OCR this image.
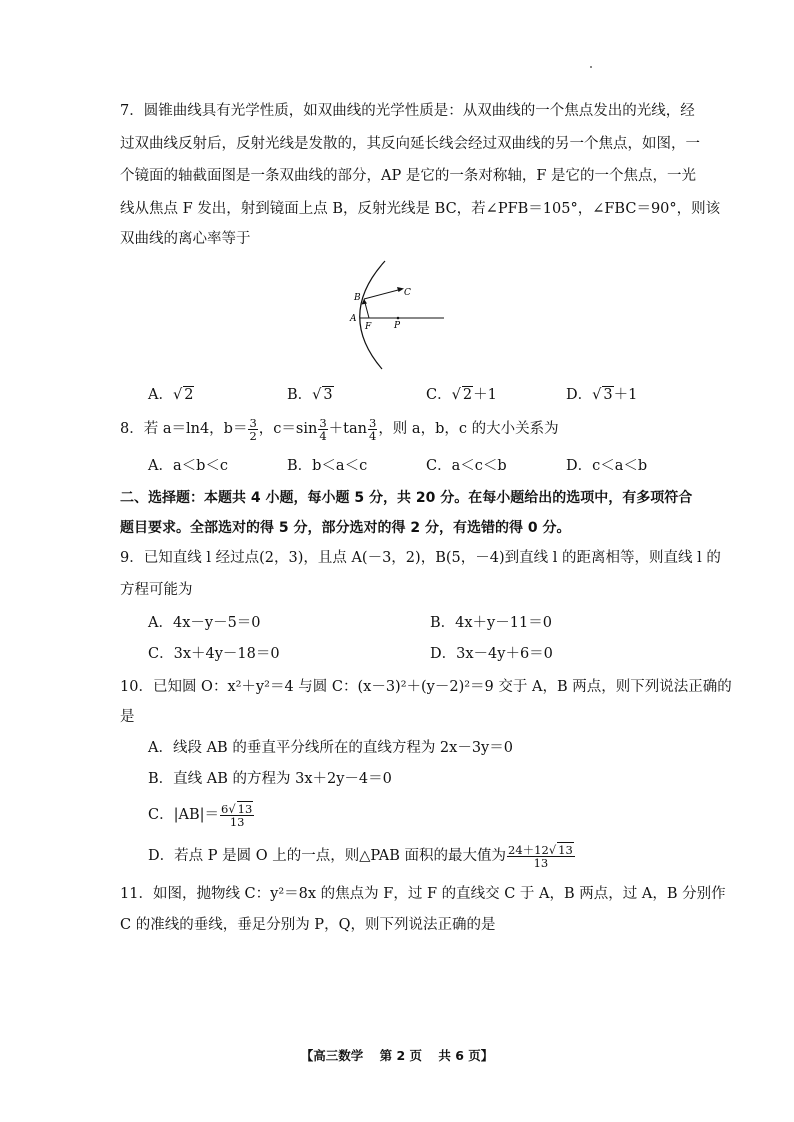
7．圆锥曲线具有光学性质，如双曲线的光学性质是：从双曲线的一个焦点发出的光线，经
过双曲线反射后，反射光线是发散的，其反向延长线会经过双曲线的另一个焦点，如图，一
个镜面的轴截面图是一条双曲线的部分，AP 是它的一条对称轴，F 是它的一个焦点，一光
线从焦点 F 发出，射到镜面上点 B，反射光线是 BC，若∠PFB＝105°，∠FBC＝90°，则该
双曲线的离心率等于
B	C
A
F	P
A．√ 2	B．√ 3	C．√ 2＋1	D．√ 3＋1
8．若 a＝ln4，$b= \frac{3}{2}$ ，$c=\sin \frac{3}{4} +\tan \frac{3}{4}$ ，则 a，b，c 的大小关系为
A．a＜b＜c	B．b＜a＜c	C．a＜c＜b	D．c＜a＜b
二、选择题：本题共 4 小题，每小题 5 分，共 20 分。在每小题给出的选项中，有多项符合
题目要求。全部选对的得 5 分，部分选对的得 2 分，有选错的得 0 分。
9．已知直线 l 经过点(2，3)，且点 A(－3，2)，B(5，－4)到直线 l 的距离相等，则直线 l 的
方程可能为
A．4x－y－5＝0	B．4x＋y－11＝0
C．3x＋4y－18＝0	D．3x－4y＋6＝0
10．已知圆 O：x²＋y²＝4 与圆 C：(x－3)²＋(y－2)²＝9 交于 A，B 两点，则下列说法正确的
是
A．线段 AB 的垂直平分线所在的直线方程为 2x－3y＝0
B．直线 AB 的方程为 3x＋2y－4＝0
C．$|AB|= \frac{6√ 13}{13}$
D．若点 P 是圆 O 上的一点，则△PAB 面积的最大值为 $\frac{24+12√ 13}{13}$
11．如图，抛物线 C：y²＝8x 的焦点为 F，过 F 的直线交 C 于 A，B 两点，过 A，B 分别作
C 的准线的垂线，垂足分别为 P，Q，则下列说法正确的是
【高三数学 第 2 页 共 6 页】
